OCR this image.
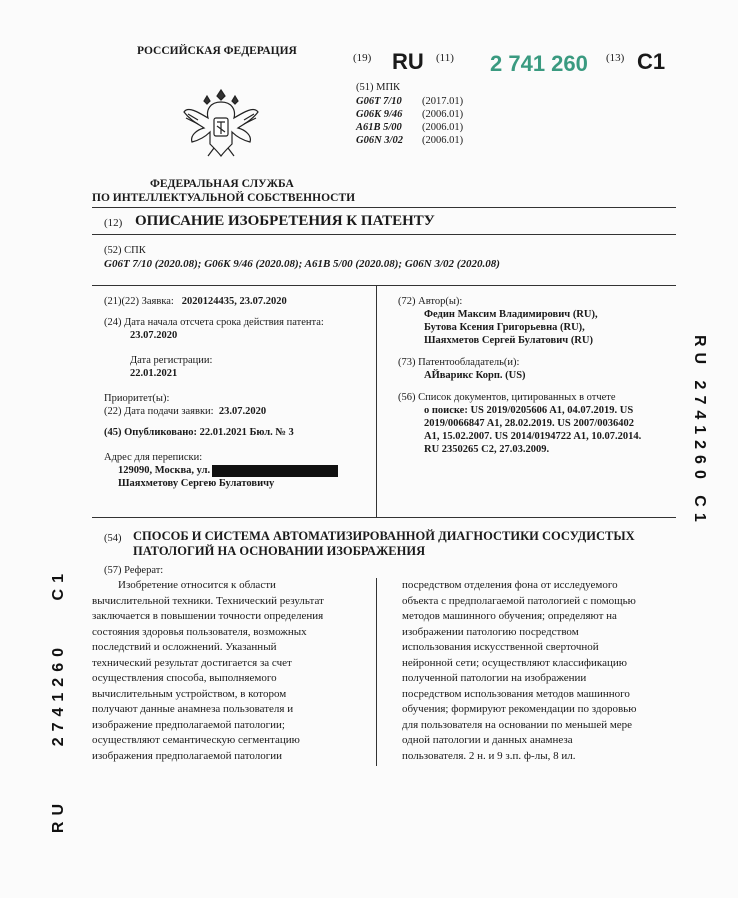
РОССИЙСКАЯ ФЕДЕРАЦИЯ
ФЕДЕРАЛЬНАЯ СЛУЖБА
ПО ИНТЕЛЛЕКТУАЛЬНОЙ СОБСТВЕННОСТИ
(19) RU (11) 2 741 260 (13) C1
(51) МПК
G06T 7/10 (2017.01)
G06K 9/46 (2006.01)
A61B 5/00 (2006.01)
G06N 3/02 (2006.01)
(12) ОПИСАНИЕ ИЗОБРЕТЕНИЯ К ПАТЕНТУ
(52) СПК
G06T 7/10 (2020.08); G06K 9/46 (2020.08); A61B 5/00 (2020.08); G06N 3/02 (2020.08)
(21)(22) Заявка: 2020124435, 23.07.2020
(24) Дата начала отсчета срока действия патента:
23.07.2020
Дата регистрации:
22.01.2021
Приоритет(ы):
(22) Дата подачи заявки: 23.07.2020
(45) Опубликовано: 22.01.2021 Бюл. № 3
Адрес для переписки:
129090, Москва, ул.
Шаяхметову Сергею Булатовичу
(72) Автор(ы):
Федин Максим Владимирович (RU),
Бутова Ксения Григорьевна (RU),
Шаяхметов Сергей Булатович (RU)
(73) Патентообладатель(и):
АЙварикс Корп. (US)
(56) Список документов, цитированных в отчете
о поиске: US 2019/0205606 A1, 04.07.2019. US
2019/0066847 A1, 28.02.2019. US 2007/0036402
A1, 15.02.2007. US 2014/0194722 A1, 10.07.2014.
RU 2350265 C2, 27.03.2009.
(54) СПОСОБ И СИСТЕМА АВТОМАТИЗИРОВАННОЙ ДИАГНОСТИКИ СОСУДИСТЫХ
ПАТОЛОГИЙ НА ОСНОВАНИИ ИЗОБРАЖЕНИЯ
(57) Реферат:
Изобретение относится к области
вычислительной техники. Технический результат
заключается в повышении точности определения
состояния здоровья пользователя, возможных
последствий и осложнений. Указанный
технический результат достигается за счет
осуществления способа, выполняемого
вычислительным устройством, в котором
получают данные анамнеза пользователя и
изображение предполагаемой патологии;
осуществляют семантическую сегментацию
изображения предполагаемой патологии
посредством отделения фона от исследуемого
объекта с предполагаемой патологией с помощью
методов машинного обучения; определяют на
изображении патологию посредством
использования искусственной сверточной
нейронной сети; осуществляют классификацию
полученной патологии на изображении
посредством использования методов машинного
обучения; формируют рекомендации по здоровью
для пользователя на основании по меньшей мере
одной патологии и данных анамнеза
пользователя. 2 н. и 9 з.п. ф-лы, 8 ил.
RU 2741260 C1
RU
2741260
C1
